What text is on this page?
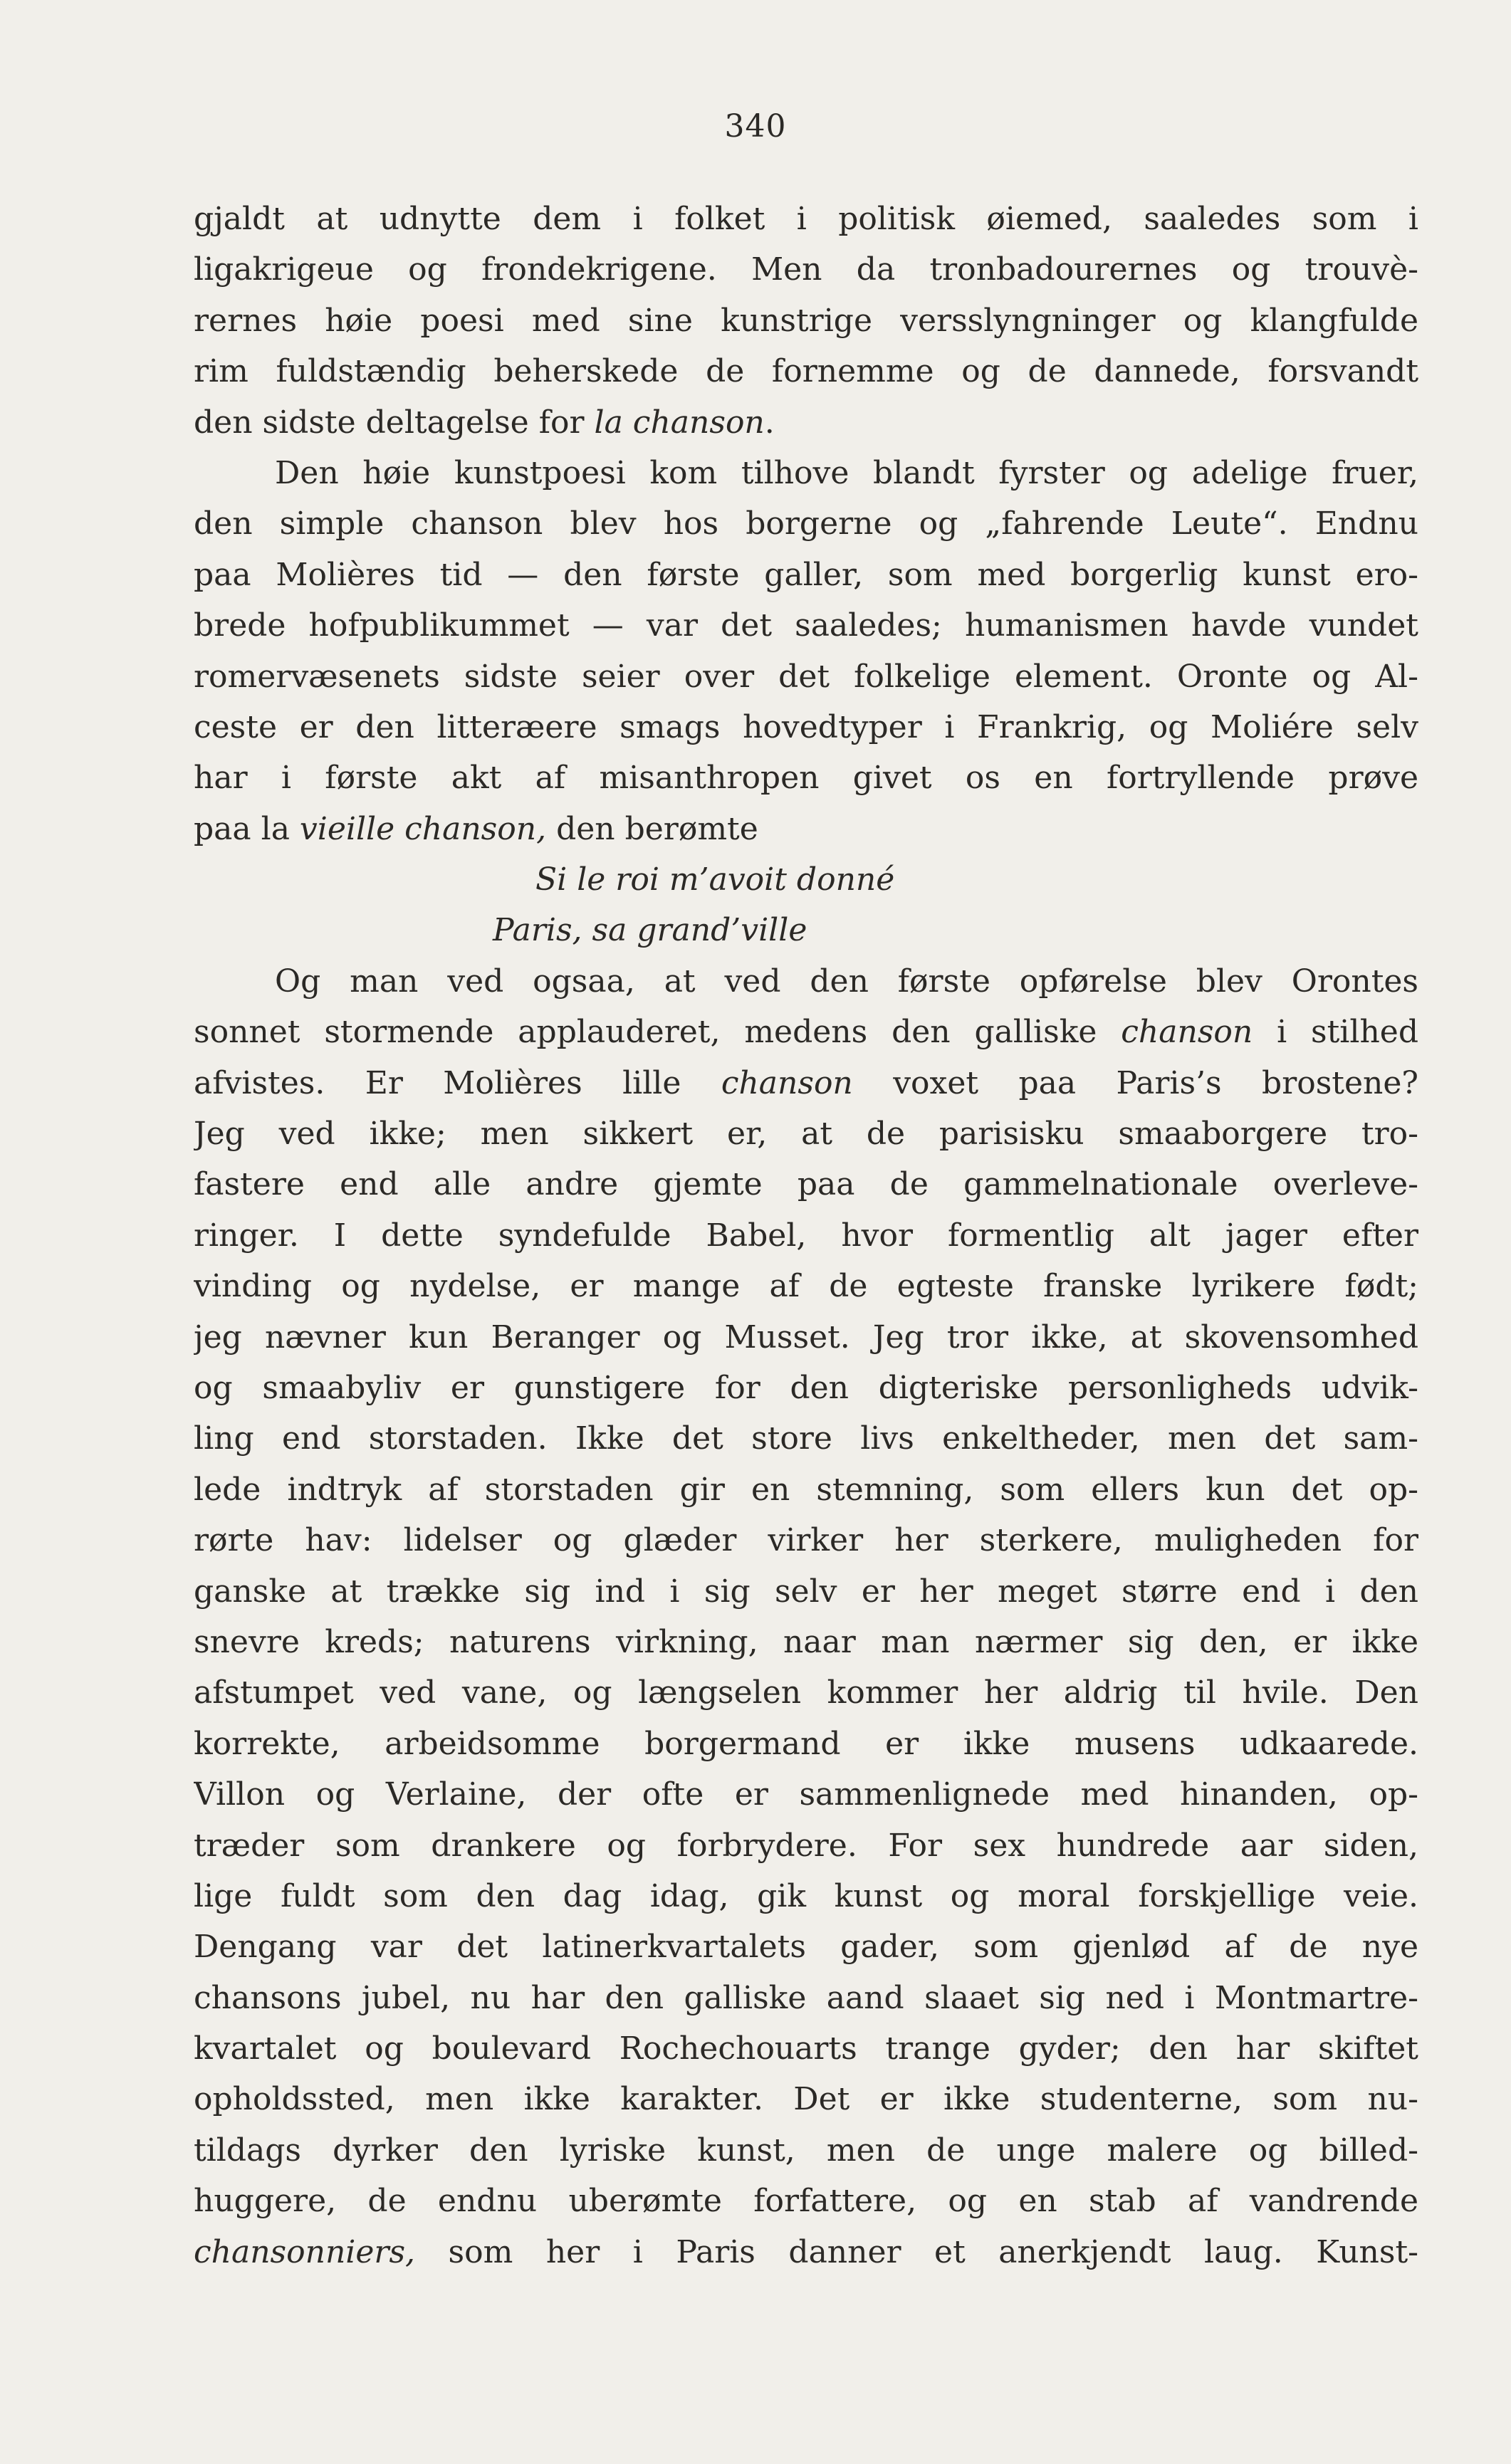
340
gjaldt at udnytte dem i folket i politisk øiemed, saaledes som i
ligakrigeue og frondekrigene. Men da tronbadourernes og trouvè-
rernes høie poesi med sine kunstrige versslyngninger og klangfulde
rim fuldstændig beherskede de fornemme og de dannede, forsvandt
den sidste deltagelse for la chanson.
Den høie kunstpoesi kom tilhove blandt fyrster og adelige fruer,
den simple chanson blev hos borgerne og „fahrende Leute“. Endnu
paa Molières tid — den første galler, som med borgerlig kunst ero-
brede hofpublikummet — var det saaledes; humanismen havde vundet
romervæsenets sidste seier over det folkelige element. Oronte og Al-
ceste er den litteræere smags hovedtyper i Frankrig, og Moliére selv
har i første akt af misanthropen givet os en fortryllende prøve
paa la vieille chanson, den berømte
Si le roi m’avoit donné
Paris, sa grand’ville
Og man ved ogsaa, at ved den første opførelse blev Orontes
sonnet stormende applauderet, medens den galliske chanson i stilhed
afvistes. Er Molières lille chanson voxet paa Paris’s brostene?
Jeg ved ikke; men sikkert er, at de parisisku smaaborgere tro-
fastere end alle andre gjemte paa de gammelnationale overleve-
ringer. I dette syndefulde Babel, hvor formentlig alt jager efter
vinding og nydelse, er mange af de egteste franske lyrikere født;
jeg nævner kun Beranger og Musset. Jeg tror ikke, at skovensomhed
og smaabyliv er gunstigere for den digteriske personligheds udvik-
ling end storstaden. Ikke det store livs enkeltheder, men det sam-
lede indtryk af storstaden gir en stemning, som ellers kun det op-
rørte hav: lidelser og glæder virker her sterkere, muligheden for
ganske at trække sig ind i sig selv er her meget større end i den
snevre kreds; naturens virkning, naar man nærmer sig den, er ikke
afstumpet ved vane, og længselen kommer her aldrig til hvile. Den
korrekte, arbeidsomme borgermand er ikke musens udkaarede.
Villon og Verlaine, der ofte er sammenlignede med hinanden, op-
træder som drankere og forbrydere. For sex hundrede aar siden,
lige fuldt som den dag idag, gik kunst og moral forskjellige veie.
Dengang var det latinerkvartalets gader, som gjenlød af de nye
chansons jubel, nu har den galliske aand slaaet sig ned i Montmartre-
kvartalet og boulevard Rochechouarts trange gyder; den har skiftet
opholdssted, men ikke karakter. Det er ikke studenterne, som nu-
tildags dyrker den lyriske kunst, men de unge malere og billed-
huggere, de endnu uberømte forfattere, og en stab af vandrende
chansonniers, som her i Paris danner et anerkjendt laug. Kunst-
